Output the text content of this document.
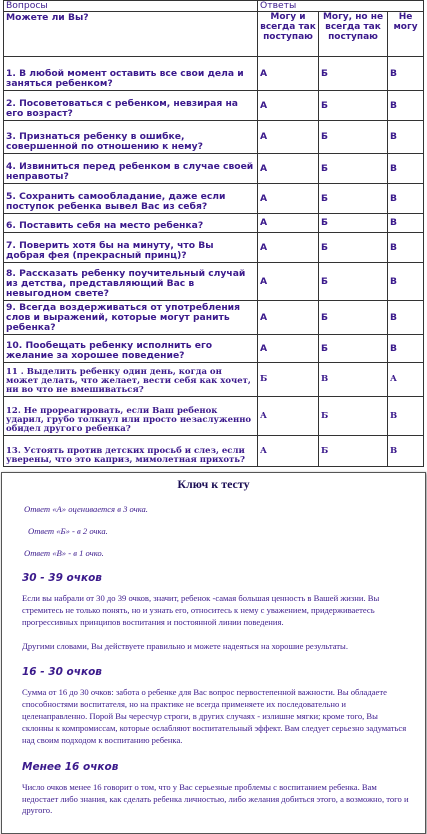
Вопросы	Ответы		
Можете ли Вы?	Могу и всегда так поступаю	Могу, но не всегда так поступаю	Не могу
1. В любой момент оставить все свои дела и заняться ребенком?	А	Б	В
2. Посоветоваться с ребенком, невзирая на его возраст?	А	Б	В
3. Признаться ребенку в ошибке, совершенной по отношению к нему?	А	Б	В
4. Извиниться перед ребенком в случае своей неправоты?	А	Б	В
5. Сохранить самообладание, даже если поступок ребенка вывел Вас из себя?	А	Б	В
6. Поставить себя на место ребенка?	А	Б	В
7. Поверить хотя бы на минуту, что Вы добрая фея (прекрасный принц)?	А	Б	В
8. Рассказать ребенку поучительный случай из детства, представляющий Вас в невыгодном свете?	А	Б	В
9. Всегда воздерживаться от употребления слов и выражений, которые могут ранить ребенка?	А	Б	В
10. Пообещать ребенку исполнить его желание за хорошее поведение?	А	Б	В
11 . Выделить ребенку один день, когда он может делать, что желает, вести себя как хочет, ни во что не вмешиваться?	Б	В	А
12. Не прореагировать, если Ваш ребенок ударил, грубо толкнул или просто незаслуженно обидел другого ребенка?	А	Б	В
13. Устоять против детских просьб и слез, если уверены, что это каприз, мимолетная прихоть?	А	Б	В
Ключ к тесту

Ответ «А» оценивается в 3 очка.

Ответ «Б» - в 2 очка.

Ответ «В» - в 1 очко.

30 - 39 очков

Если вы набрали от 30 до 39 очков, значит, ребенок -самая большая ценность в Вашей жизни. Вы стремитесь не только понять, но и узнать его, относитесь к нему с уважением, придерживаетесь прогрессивных принципов воспитания и постоянной линии поведения.

Другими словами, Вы действуете правильно и можете надеяться на хорошие результаты.

16 - 30 очков

Сумма от 16 до 30 очков: забота о ребенке для Вас вопрос первостепенной важности. Вы обладаете способностями воспитателя, но на практике не всегда применяете их последовательно и целенаправленно. Порой Вы чересчур строги, в других случаях - излишне мягки; кроме того, Вы склонны к компромиссам, которые ослабляют воспитательный эффект. Вам следует серьезно задуматься над своим подходом к воспитанию ребенка.

Менее 16 очков

Число очков менее 16 говорит о том, что у Вас серьезные проблемы с воспитанием ребенка. Вам недостает либо знания, как сделать ребенка личностью, либо желания добиться этого, а возможно, того и другого.
